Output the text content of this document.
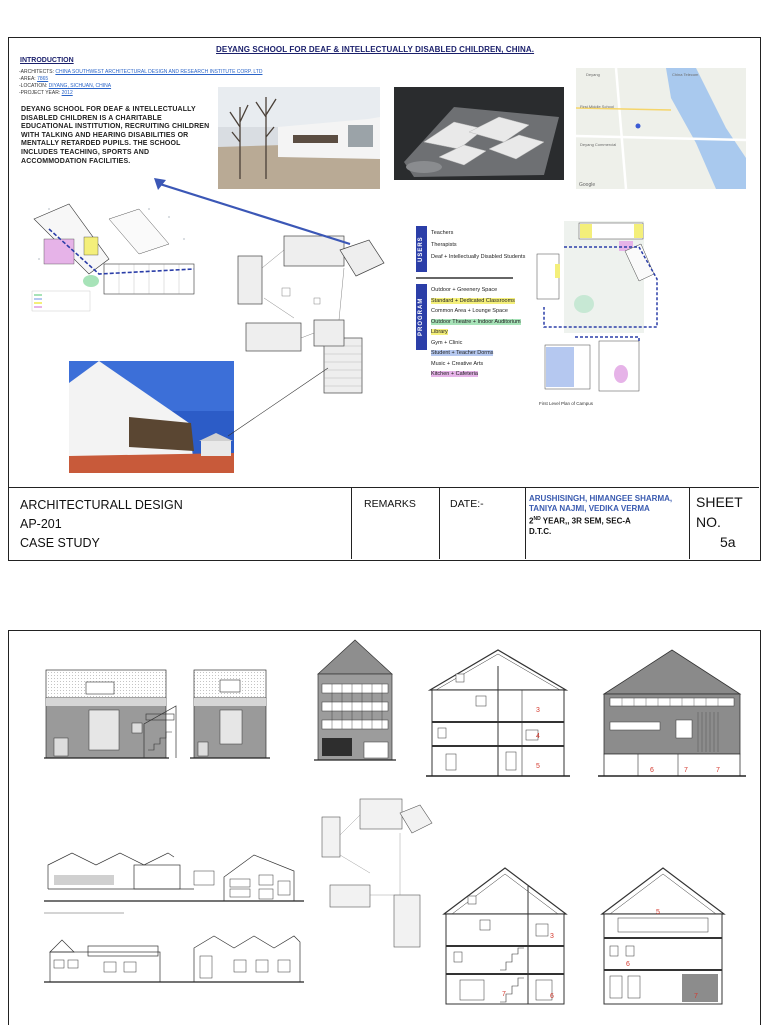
DEYANG SCHOOL FOR DEAF & INTELLECTUALLY DISABLED CHILDREN, CHINA.
INTRODUCTION
-ARCHITECTS: CHINA SOUTHWEST ARCHITECTURAL DESIGN AND RESEARCH INSTITUTE CORP. LTD
-AREA: 7865
-LOCATION: DIYANG, SICHUAN, CHINA
-PROJECT YEAR: 2012
DEYANG SCHOOL FOR DEAF & INTELLECTUALLY DISABLED CHILDREN IS A CHARITABLE EDUCATIONAL INSTITUTION, RECRUITING CHILDREN WITH TALKING AND HEARING DISABILITIES OR MENTALLY RETARDED PUPILS. THE SCHOOL INCLUDES TEACHING, SPORTS AND ACCOMMODATION FACILITIES.
Deyang	China Telecom
First Middle School
Deyang Commercial
Google
USERS
Teachers
Therapists
Deaf + Intellectually Disabled Students
PROGRAM
Outdoor + Greenery Space
Standard + Dedicated Classrooms
Common Area + Lounge Space
Outdoor Theatre + Indoor Auditorium
Library
Gym + Clinic
Student + Teacher Dorms
Music + Creative Arts
Kitchen + Cafeteria
First Level Plan of Campus
ARCHITECTURALL DESIGN
AP-201
CASE STUDY
REMARKS	DATE:-	ARUSHISINGH, HIMANGEE SHARMA, TANIYA NAJMI, VEDIKA VERMA
2ND YEAR,, 3R SEM, SEC-A
D.T.C.
SHEET
NO.
5a
3
4
5
6	7	7
3
7	6
5
6
7
